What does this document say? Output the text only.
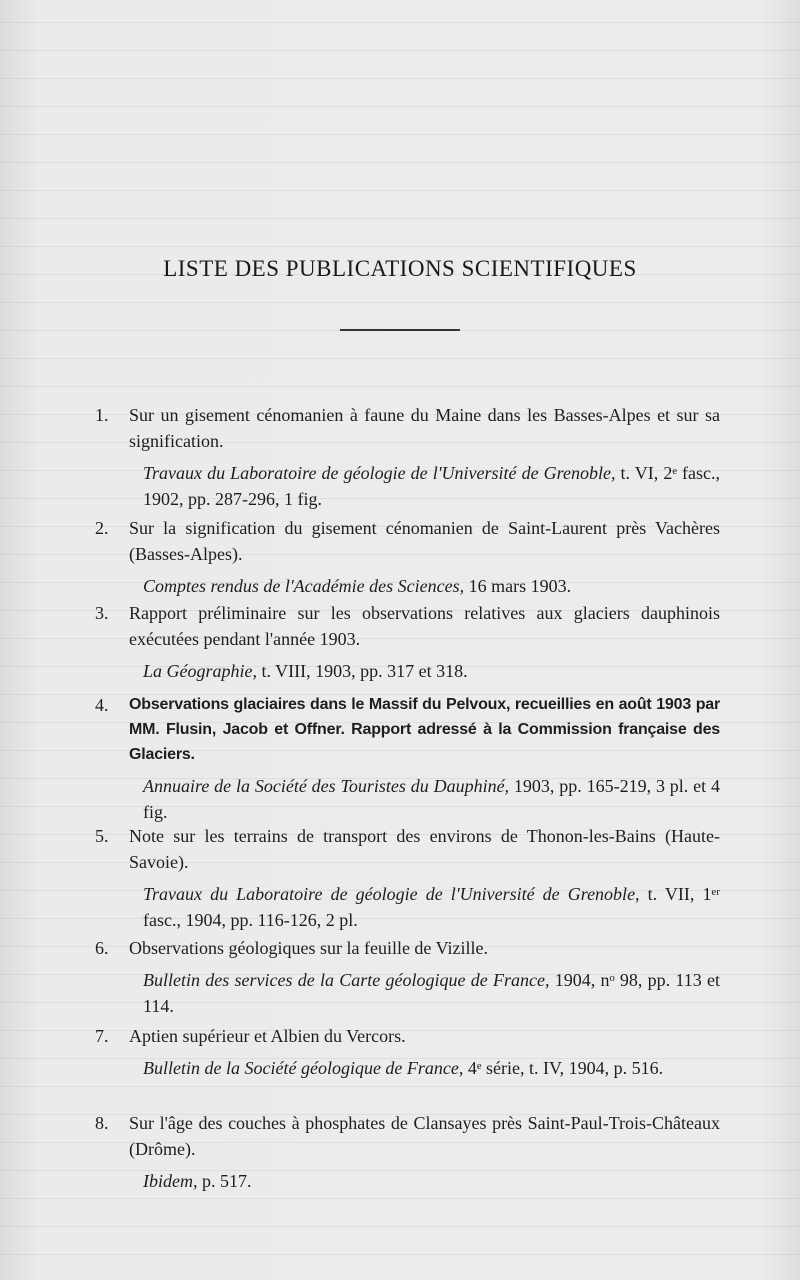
LISTE DES PUBLICATIONS SCIENTIFIQUES
1.	Sur un gisement cénomanien à faune du Maine dans les Basses-Alpes et sur sa signification.
Travaux du Laboratoire de géologie de l'Université de Grenoble, t. VI, 2ᵉ fasc., 1902, pp. 287-296, 1 fig.
2.	Sur la signification du gisement cénomanien de Saint-Laurent près Vachères (Basses-Alpes).
Comptes rendus de l'Académie des Sciences, 16 mars 1903.
3.	Rapport préliminaire sur les observations relatives aux glaciers dauphinois exécutées pendant l'année 1903.
La Géographie, t. VIII, 1903, pp. 317 et 318.
4.	Observations glaciaires dans le Massif du Pelvoux, recueillies en août 1903 par MM. Flusin, Jacob et Offner. Rapport adressé à la Commission française des Glaciers.
Annuaire de la Société des Touristes du Dauphiné, 1903, pp. 165-219, 3 pl. et 4 fig.
5.	Note sur les terrains de transport des environs de Thonon-les-Bains (Haute-Savoie).
Travaux du Laboratoire de géologie de l'Université de Grenoble, t. VII, 1ᵉʳ fasc., 1904, pp. 116-126, 2 pl.
6.	Observations géologiques sur la feuille de Vizille.
Bulletin des services de la Carte géologique de France, 1904, nᵒ 98, pp. 113 et 114.
7.	Aptien supérieur et Albien du Vercors.
Bulletin de la Société géologique de France, 4ᵉ série, t. IV, 1904, p. 516.
8.	Sur l'âge des couches à phosphates de Clansayes près Saint-Paul-Trois-Châteaux (Drôme).
Ibidem, p. 517.
